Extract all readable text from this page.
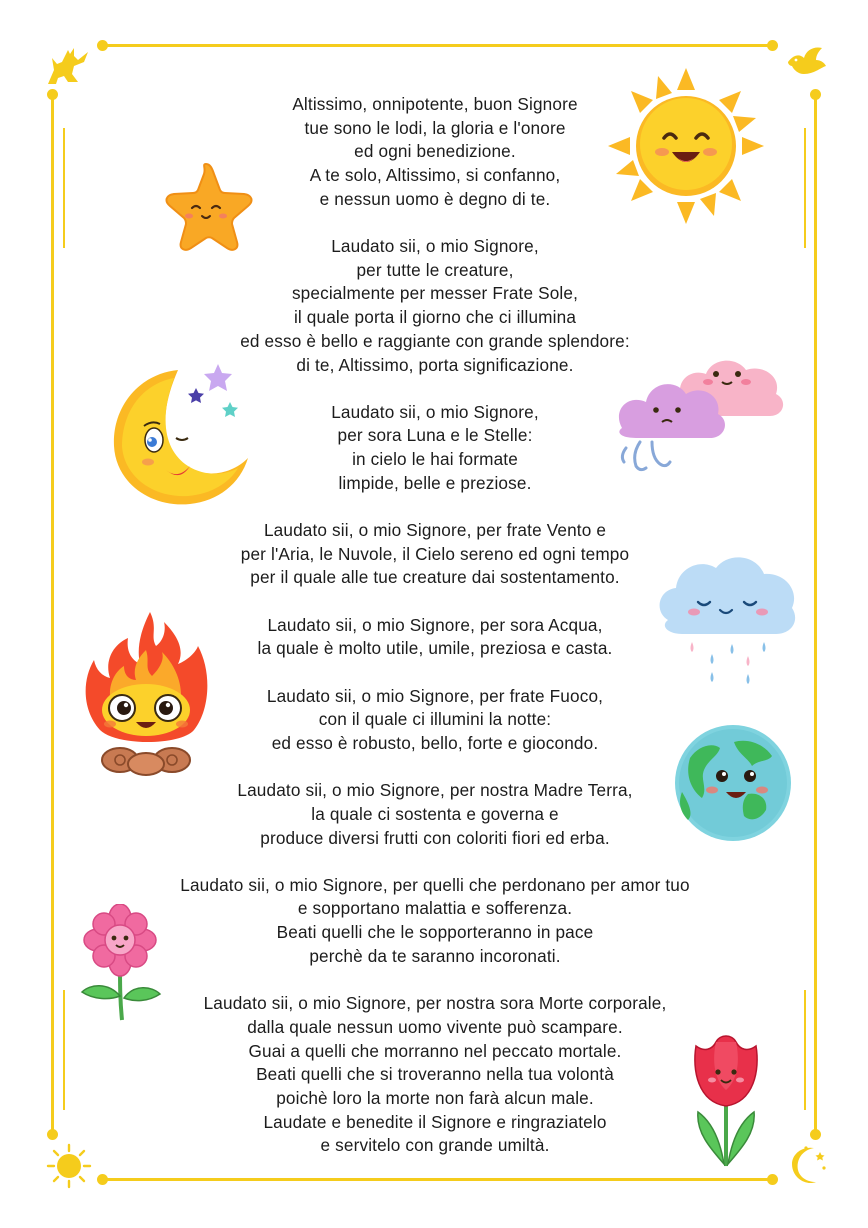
Altissimo, onnipotente, buon Signore
tue sono le lodi, la gloria e l'onore
ed ogni benedizione.
A te solo, Altissimo, si confanno,
e nessun uomo è degno di te.
Laudato sii, o mio Signore,
per tutte le creature,
specialmente per messer Frate Sole,
il quale porta il giorno che ci illumina
ed esso è bello e raggiante con grande splendore:
di te, Altissimo, porta significazione.
Laudato sii, o mio Signore,
per sora Luna e le Stelle:
in cielo le hai formate
limpide, belle e preziose.
Laudato sii, o mio Signore, per frate Vento e
per l'Aria, le Nuvole, il Cielo sereno ed ogni tempo
per il quale alle tue creature dai sostentamento.
Laudato sii, o mio Signore, per sora Acqua,
la quale è molto utile, umile, preziosa e casta.
Laudato sii, o mio Signore, per frate Fuoco,
con il quale ci illumini la notte:
ed esso è robusto, bello, forte e giocondo.
Laudato sii, o mio Signore, per nostra Madre Terra,
la quale ci sostenta e governa e
produce diversi frutti con coloriti fiori ed erba.
Laudato sii, o mio Signore, per quelli che perdonano per amor tuo
e sopportano malattia e sofferenza.
Beati quelli che le sopporteranno in pace
perchè da te saranno incoronati.
Laudato sii, o mio Signore, per nostra sora Morte corporale,
dalla quale nessun uomo vivente può scampare.
Guai a quelli che morranno nel peccato mortale.
Beati quelli che si troveranno nella tua volontà
poichè loro la morte non farà alcun male.
Laudate e benedite il Signore e ringraziatelo
e servitelo con grande umiltà.
